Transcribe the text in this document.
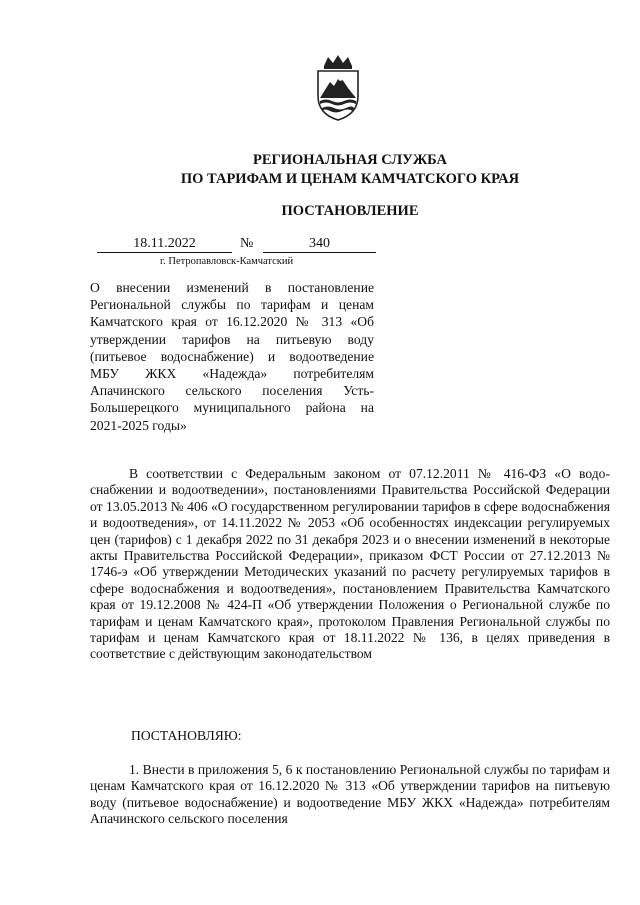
РЕГИОНАЛЬНАЯ СЛУЖБА
ПО ТАРИФАМ И ЦЕНАМ КАМЧАТСКОГО КРАЯ
ПОСТАНОВЛЕНИЕ
18.11.2022	№	340
г. Петропавловск-Камчатский
О внесении изменений в постановление Региональной службы по тарифам и ценам Камчатского края от 16.12.2020 № 313 «Об утверждении тарифов на питьевую воду (питьевое водоснабжение) и водоотведение МБУ ЖКХ «Надежда» потребителям Апачинского сельского поселения Усть-Большерецкого муниципального района на 2021-2025 годы»

В соответствии с Федеральным законом от 07.12.2011 № 416-ФЗ «О водо-снабжении и водоотведении», постановлениями Правительства Российской Федерации от 13.05.2013 № 406 «О государственном регулировании тарифов в сфере водоснабжения и водоотведения», от 14.11.2022 № 2053 «Об особенностях индексации регулируемых цен (тарифов) с 1 декабря 2022 по 31 декабря 2023 и о внесении изменений в некоторые акты Правительства Российской Федерации», приказом ФСТ России от 27.12.2013 № 1746-э «Об утверждении Методических указаний по расчету регулируемых тарифов в сфере водоснабжения и водоотведения», постановлением Правительства Камчатского края от 19.12.2008 № 424-П «Об утверждении Положения о Региональной службе по тарифам и ценам Камчатского края», протоколом Правления Региональной службы по тарифам и ценам Камчатского края от 18.11.2022 № 136, в целях приведения в соответствие с действующим законодательством

ПОСТАНОВЛЯЮ:

1. Внести в приложения 5, 6 к постановлению Региональной службы по тарифам и ценам Камчатского края от 16.12.2020 № 313 «Об утверждении тарифов на питьевую воду (питьевое водоснабжение) и водоотведение МБУ ЖКХ «Надежда» потребителям Апачинского сельского поселения
